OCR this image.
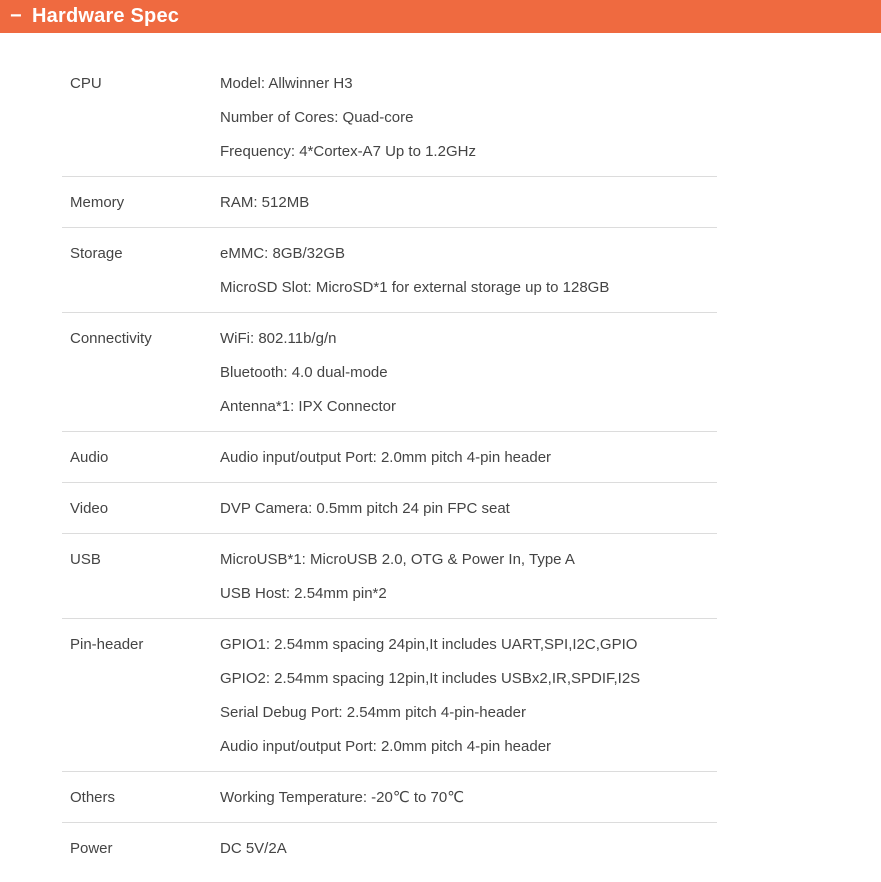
− Hardware Spec
CPU	Model: Allwinner H3
Number of Cores: Quad-core
Frequency: 4*Cortex-A7 Up to 1.2GHz
Memory	RAM: 512MB
Storage	eMMC: 8GB/32GB
MicroSD Slot: MicroSD*1 for external storage up to 128GB
Connectivity	WiFi: 802.11b/g/n
Bluetooth: 4.0 dual-mode
Antenna*1: IPX Connector
Audio	Audio input/output Port: 2.0mm pitch 4-pin header
Video	DVP Camera: 0.5mm pitch 24 pin FPC seat
USB	MicroUSB*1: MicroUSB 2.0, OTG & Power In, Type A
USB Host: 2.54mm pin*2
Pin-header	GPIO1: 2.54mm spacing 24pin,It includes UART,SPI,I2C,GPIO
GPIO2: 2.54mm spacing 12pin,It includes USBx2,IR,SPDIF,I2S
Serial Debug Port: 2.54mm pitch 4-pin-header
Audio input/output Port: 2.0mm pitch 4-pin header
Others	Working Temperature: -20℃ to 70℃
Power	DC 5V/2A
